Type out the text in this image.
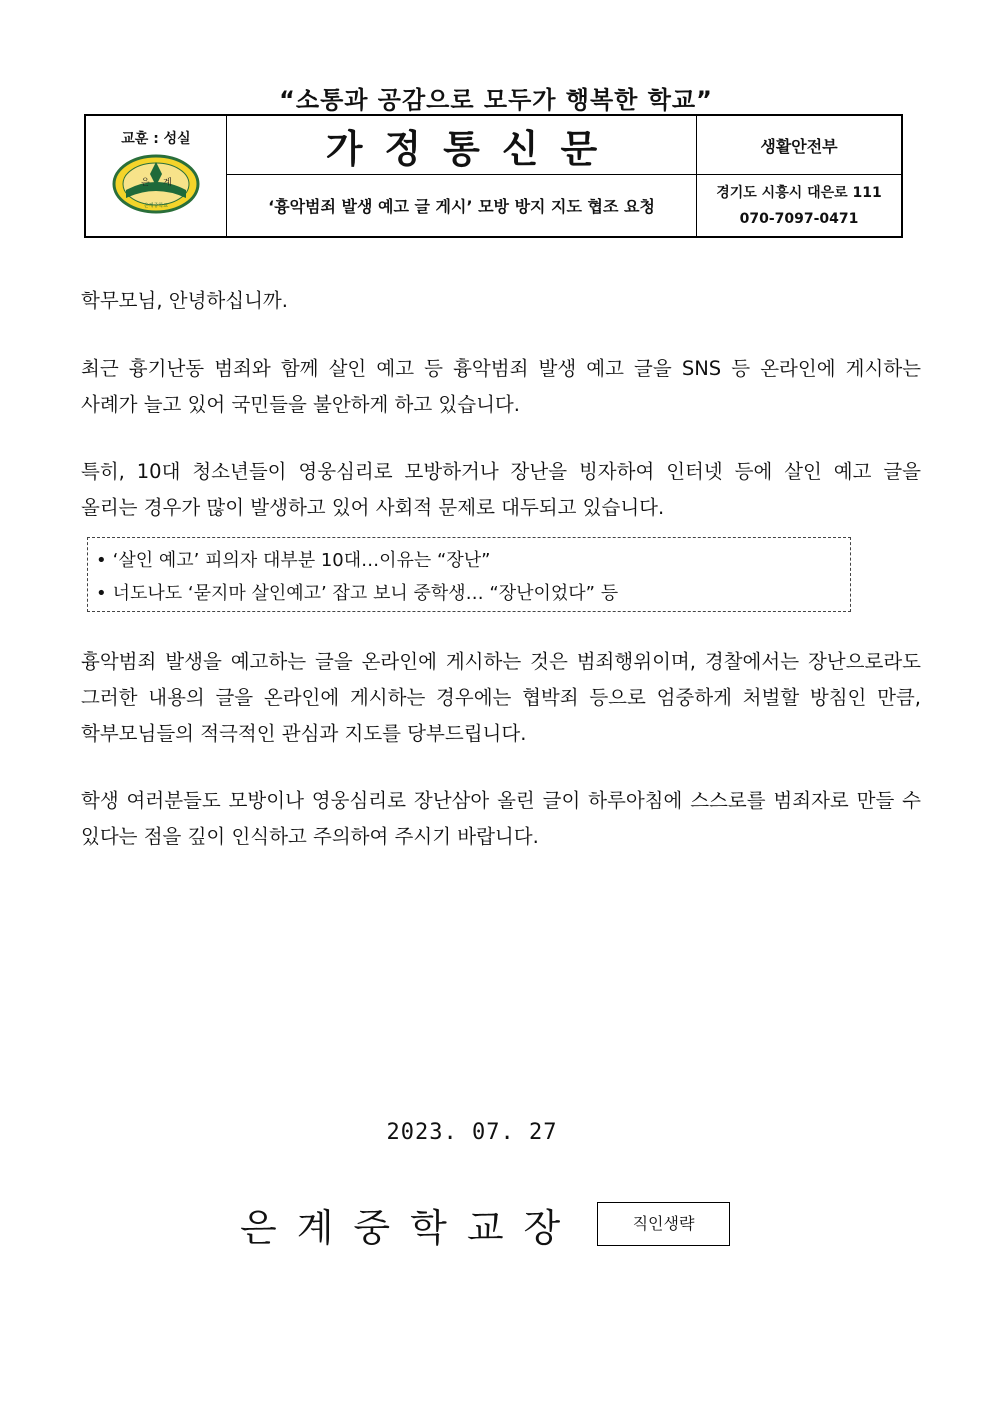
“소통과 공감으로 모두가 행복한 학교”
교훈 : 성실
은 계
은계중학교	가정통신문	생활안전부
	‘흉악범죄 발생 예고 글 게시’ 모방 방지 지도 협조 요청	경기도 시흥시 대은로 111
070-7097-0471
학무모님, 안녕하십니까.
최근 흉기난동 범죄와 함께 살인 예고 등 흉악범죄 발생 예고 글을 SNS 등 온라인에 게시하는 사례가 늘고 있어 국민들을 불안하게 하고 있습니다.
특히, 10대 청소년들이 영웅심리로 모방하거나 장난을 빙자하여 인터넷 등에 살인 예고 글을 올리는 경우가 많이 발생하고 있어 사회적 문제로 대두되고 있습니다.
• ‘살인 예고’ 피의자 대부분 10대…이유는 “장난”
• 너도나도 ‘묻지마 살인예고’ 잡고 보니 중학생… “장난이었다” 등
흉악범죄 발생을 예고하는 글을 온라인에 게시하는 것은 범죄행위이며, 경찰에서는 장난으로라도 그러한 내용의 글을 온라인에 게시하는 경우에는 협박죄 등으로 엄중하게 처벌할 방침인 만큼, 학부모님들의 적극적인 관심과 지도를 당부드립니다.
학생 여러분들도 모방이나 영웅심리로 장난삼아 올린 글이 하루아침에 스스로를 범죄자로 만들 수 있다는 점을 깊이 인식하고 주의하여 주시기 바랍니다.
2023. 07. 27
은계중학교장	직인생략
